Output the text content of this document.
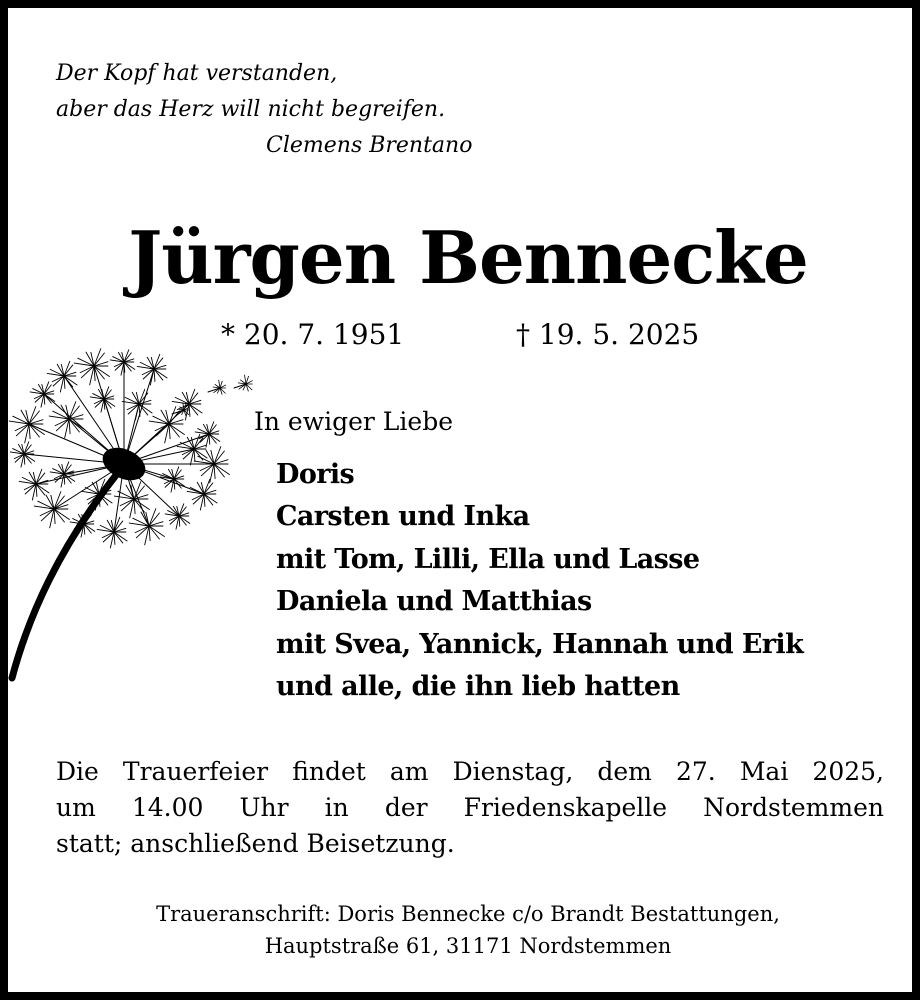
Der Kopf hat verstanden,
aber das Herz will nicht begreifen.
Clemens Brentano
Jürgen Bennecke
* 20. 7. 1951	† 19. 5. 2025
In ewiger Liebe
Doris
Carsten und Inka
mit Tom, Lilli, Ella und Lasse
Daniela und Matthias
mit Svea, Yannick, Hannah und Erik
und alle, die ihn lieb hatten
Die Trauerfeier findet am Dienstag, dem 27. Mai 2025,
um 14.00 Uhr in der Friedenskapelle Nordstemmen
statt; anschließend Beisetzung.
Traueranschrift: Doris Bennecke c/o Brandt Bestattungen,
Hauptstraße 61, 31171 Nordstemmen
